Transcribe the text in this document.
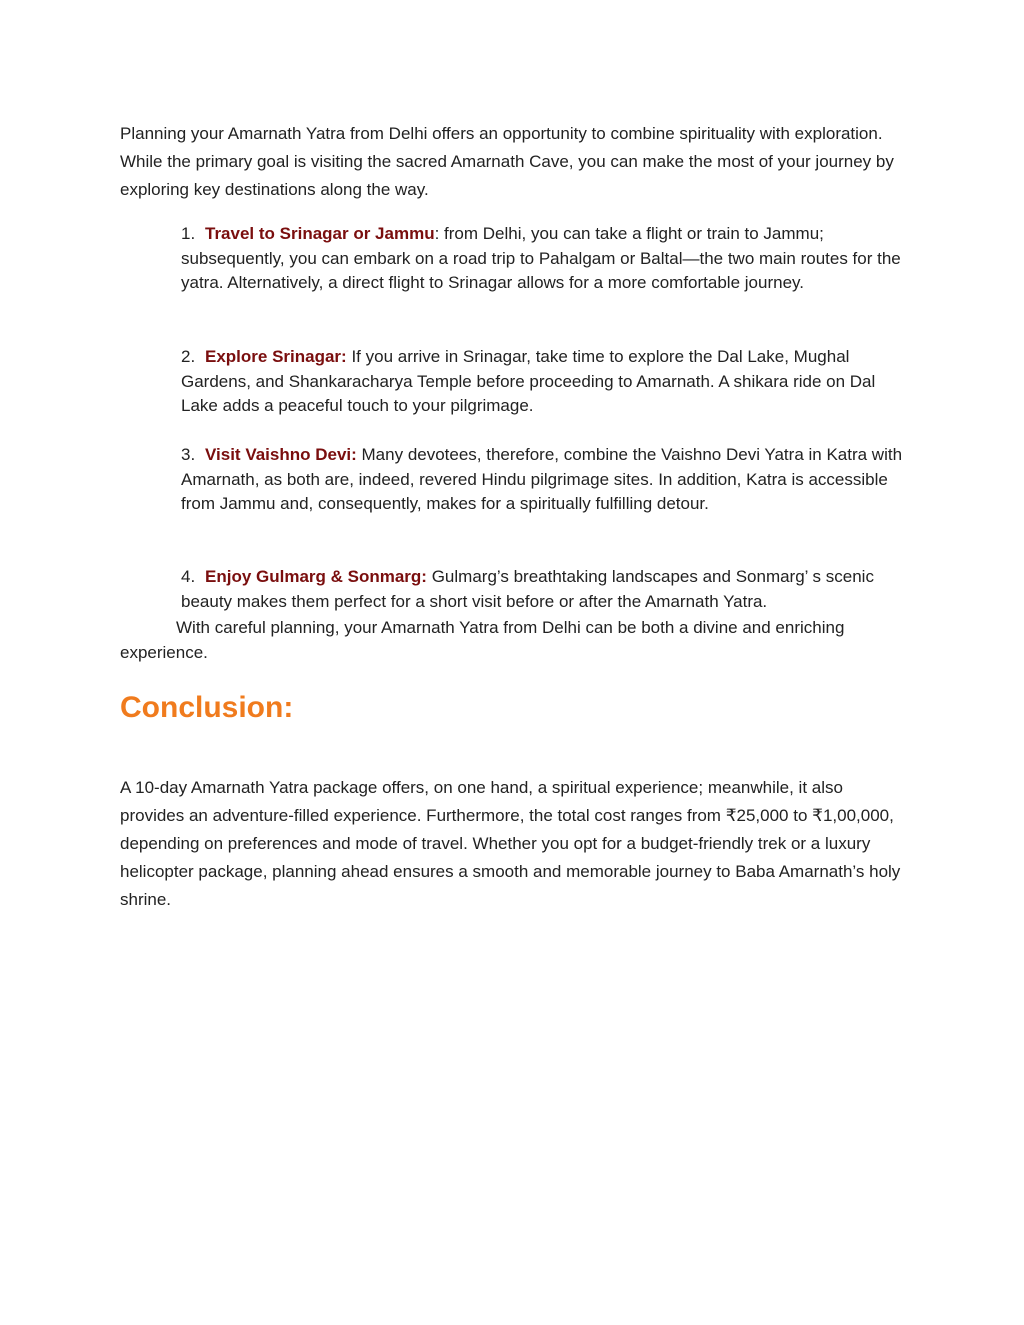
Planning your Amarnath Yatra from Delhi offers an opportunity to combine spirituality with exploration. While the primary goal is visiting the sacred Amarnath Cave, you can make the most of your journey by exploring key destinations along the way.

1. Travel to Srinagar or Jammu: from Delhi, you can take a flight or train to Jammu; subsequently, you can embark on a road trip to Pahalgam or Baltal—the two main routes for the yatra. Alternatively, a direct flight to Srinagar allows for a more comfortable journey.

2. Explore Srinagar: If you arrive in Srinagar, take time to explore the Dal Lake, Mughal Gardens, and Shankaracharya Temple before proceeding to Amarnath. A shikara ride on Dal Lake adds a peaceful touch to your pilgrimage.

3. Visit Vaishno Devi: Many devotees, therefore, combine the Vaishno Devi Yatra in Katra with Amarnath, as both are, indeed, revered Hindu pilgrimage sites. In addition, Katra is accessible from Jammu and, consequently, makes for a spiritually fulfilling detour.

4. Enjoy Gulmarg & Sonmarg: Gulmarg’s breathtaking landscapes and Sonmarg’ s scenic beauty makes them perfect for a short visit before or after the Amarnath Yatra.

With careful planning, your Amarnath Yatra from Delhi can be both a divine and enriching experience.

Conclusion:

A 10-day Amarnath Yatra package offers, on one hand, a spiritual experience; meanwhile, it also provides an adventure-filled experience. Furthermore, the total cost ranges from ₹25,000 to ₹1,00,000, depending on preferences and mode of travel. Whether you opt for a budget-friendly trek or a luxury helicopter package, planning ahead ensures a smooth and memorable journey to Baba Amarnath’s holy shrine.
